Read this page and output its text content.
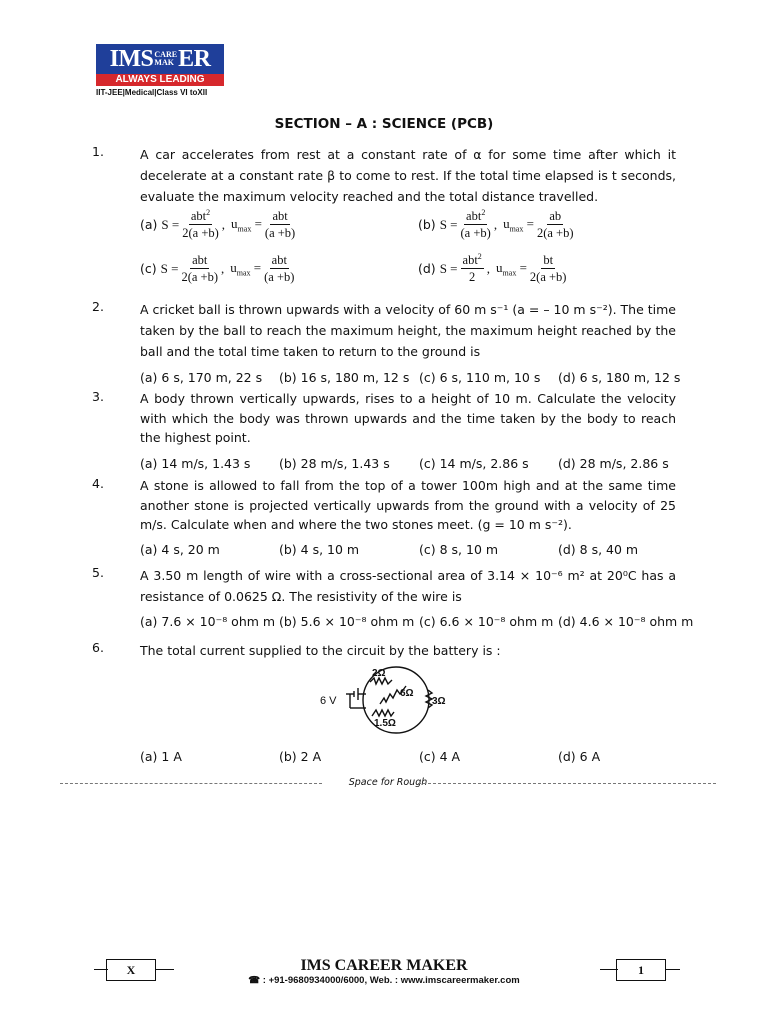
IMS CARE
MAK ER
ALWAYS LEADING
IIT-JEE|Medical|Class VI toXII
SECTION – A : SCIENCE (PCB)
1.	A car accelerates from rest at a constant rate of α for some time after which it decelerate at a constant rate β to come to rest. If the total time elapsed is t seconds, evaluate the maximum velocity reached and the total distance travelled.
(a) $S = \frac{abt^2}{2(a +b)}$ , $u_{max} = \frac{\text{abt}}{(a +b)}$	(b) $S = \frac{abt^2}{(a +b)}$ , $u_{max} = \frac{ab}{2(a +b)}$
(c) $S = \frac{\text{abt}}{2(a +b)}$ , $u_{max} = \frac{\text{abt}}{(a +b)}$	(d) $S = \frac{abt^2}{2}$ , $u_{max} = \frac{bt}{2(a +b)}$
2.	A cricket ball is thrown upwards with a velocity of 60 m s⁻¹ (a = – 10 m s⁻²). The time taken by the ball to reach the maximum height, the maximum height reached by the ball and the total time taken to return to the ground is
(a) 6 s, 170 m, 22 s	(b) 16 s, 180 m, 12 s (c) 6 s, 110 m, 10 s	(d) 6 s, 180 m, 12 s
3.	A body thrown vertically upwards, rises to a height of 10 m. Calculate the velocity with which the body was thrown upwards and the time taken by the body to reach the highest point.
(a) 14 m/s, 1.43 s	(b) 28 m/s, 1.43 s	(c) 14 m/s, 2.86 s	(d) 28 m/s, 2.86 s
4.	A stone is allowed to fall from the top of a tower 100m high and at the same time another stone is projected vertically upwards from the ground with a velocity of 25 m/s. Calculate when and where the two stones meet. (g = 10 m s⁻²).
(a) 4 s, 20 m	(b) 4 s, 10 m	(c) 8 s, 10 m	(d) 8 s, 40 m
5.	A 3.50 m length of wire with a cross-sectional area of 3.14 × 10⁻⁶ m² at 20⁰C has a resistance of 0.0625 Ω. The resistivity of the wire is
(a) 7.6 × 10⁻⁸ ohm m (b) 5.6 × 10⁻⁸ ohm m (c) 6.6 × 10⁻⁸ ohm m (d) 4.6 × 10⁻⁸ ohm m
6.	The total current supplied to the circuit by the battery is :
6 V
2Ω
6Ω
3Ω
1.5Ω
(a) 1 A	(b) 2 A	(c) 4 A	(d) 6 A
Space for Rough
X	IMS CAREER MAKER
☎ : +91-9680934000/6000, Web. : www.imscareermaker.com
1
